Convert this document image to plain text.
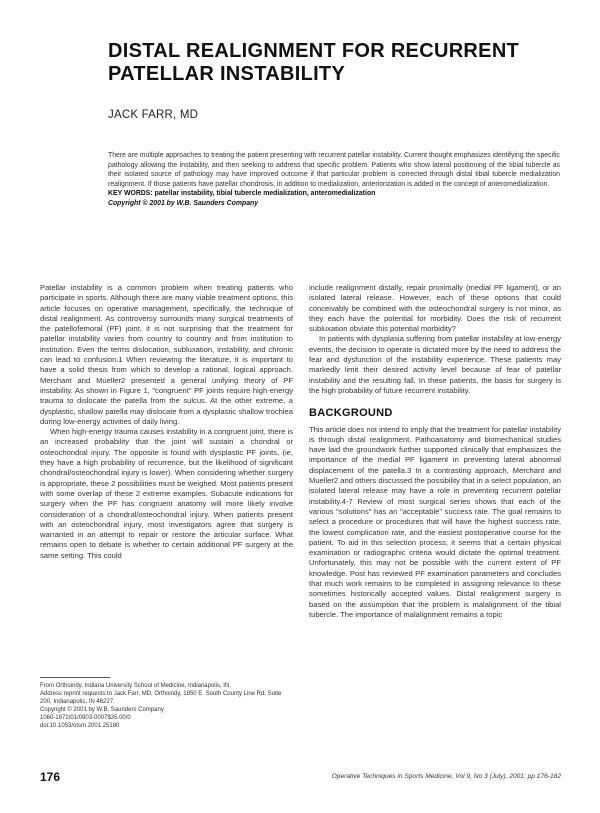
DISTAL REALIGNMENT FOR RECURRENT
PATELLAR INSTABILITY
JACK FARR, MD
There are multiple approaches to treating the patient presenting with recurrent patellar instability. Current thought emphasizes identifying the specific pathology allowing the instability, and then seeking to address that specific problem. Patients who show lateral positioning of the tibial tubercle as their isolated source of pathology may have improved outcome if that particular problem is corrected through distal tibial tubercle medialization realignment. If those patients have patellar chondrosis, in addition to medialization, anteriorization is added in the concept of anteromedialization.
KEY WORDS: patellar instability, tibial tubercle medialization, anteromedialization
Copyright © 2001 by W.B. Saunders Company

Patellar instability is a common problem when treating patients who participate in sports. Although there are many viable treatment options, this article focuses on operative management, specifically, the technique of distal realignment. As controversy surrounds many surgical treatments of the patellofemoral (PF) joint, it is not surprising that the treatment for patellar instability varies from country to country and from institution to institution. Even the terms dislocation, subluxation, instability, and chronic can lead to confusion.1 When reviewing the literature, it is important to have a solid thesis from which to develop a rational, logical approach. Merchant and Mueller2 presented a general unifying theory of PF instability. As shown in Figure 1, "congruent" PF joints require high-energy trauma to dislocate the patella from the sulcus. At the other extreme, a dysplastic, shallow patella may dislocate from a dysplastic shallow trochlea during low-energy activities of daily living.

When high-energy trauma causes instability in a congruent joint, there is an increased probability that the joint will sustain a chondral or osteochondral injury. The opposite is found with dysplastic PF joints, (ie, they have a high probability of recurrence, but the likelihood of significant chondral/osteochondral injury is lower). When considering whether surgery is appropriate, these 2 possibilities must be weighed. Most patients present with some overlap of these 2 extreme examples. Subacute indications for surgery when the PF has congruent anatomy will more likely involve consideration of a chondral/osteochondral injury. When patients present with an osteochondral injury, most investigators agree that surgery is warranted in an attempt to repair or restore the articular surface. What remains open to debate is whether to certain additional PF surgery at the same setting. This could

include realignment distally, repair proximally (medial PF ligament), or an isolated lateral release. However, each of these options that could conceivably be combined with the osteochondral surgery is not minor, as they each have the potential for morbidity. Does the risk of recurrent subluxation obviate this potential morbidity?

In patients with dysplasia suffering from patellar instability at low-energy events, the decision to operate is dictated more by the need to address the fear and dysfunction of the instability experience. These patients may markedly limit their desired activity level because of fear of patellar instability and the resulting fall. In these patients, the basis for surgery is the high probability of future recurrent instability.

BACKGROUND

This article does not intend to imply that the treatment for patellar instability is through distal realignment. Pathoanatomy and biomechanical studies have laid the groundwork further supported clinically that emphasizes the importance of the medial PF ligament in preventing lateral abnormal displacement of the patella.3 In a contrasting approach, Merchant and Mueller2 and others discussed the possibility that in a select population, an isolated lateral release may have a role in preventing recurrent patellar instability.4-7 Review of most surgical series shows that each of the various "solutions" has an "acceptable" success rate. The goal remains to select a procedure or procedures that will have the highest success rate, the lowest complication rate, and the easiest postoperative course for the patient. To aid in this selection process, it seems that a certain physical examination or radiographic criteria would dictate the optimal treatment. Unfortunately, this may not be possible with the current extent of PF knowledge. Post has reviewed PF examination parameters and concludes that much work remains to be completed in assigning relevance to these sometimes historically accepted values. Distal realignment surgery is based on the assumption that the problem is malalignment of the tibial tubercle. The importance of malalignment remains a topic

From Orthoindy, Indiana University School of Medicine, Indianapolis, IN.
Address reprint requests to Jack Farr, MD, Orthoindy, 1850 E. South County Line Rd, Suite 200, Indianapolis, IN 46227.
Copyright © 2001 by W.B. Saunders Company
1060-1872/01/0903-0007$35.00/0
doi:10.1053/otsm.2001.25180
176	Operative Techniques in Sports Medicine, Vol 9, No 3 (July), 2001: pp 176-182
